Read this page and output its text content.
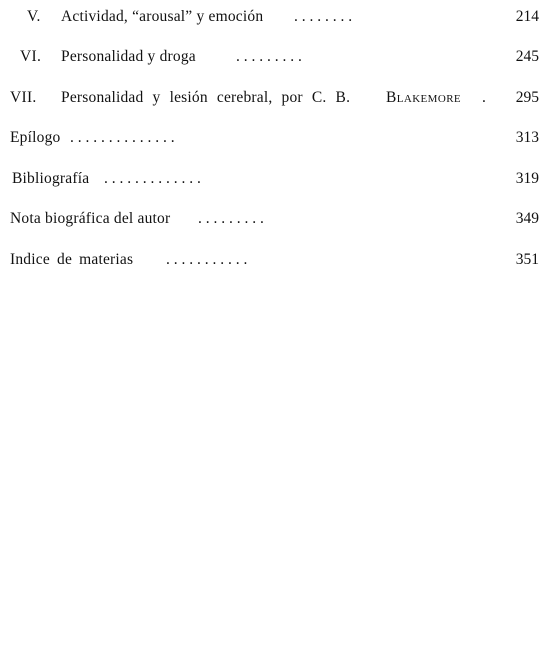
V. Actividad, “arousal” y emoción . . . . . . . .	214
VI. Personalidad y droga	. . . . . . . . .	245
VII. Personalidad y lesión cerebral, por C. B. Blakemore .	295
Epílogo . . . . . . . . . . . . . .	313
Bibliografía . . . . . . . . . . . . .	319
Nota biográfica del autor . . . . . . . . .	349
Indice de materias . . . . . . . . . . .	351
